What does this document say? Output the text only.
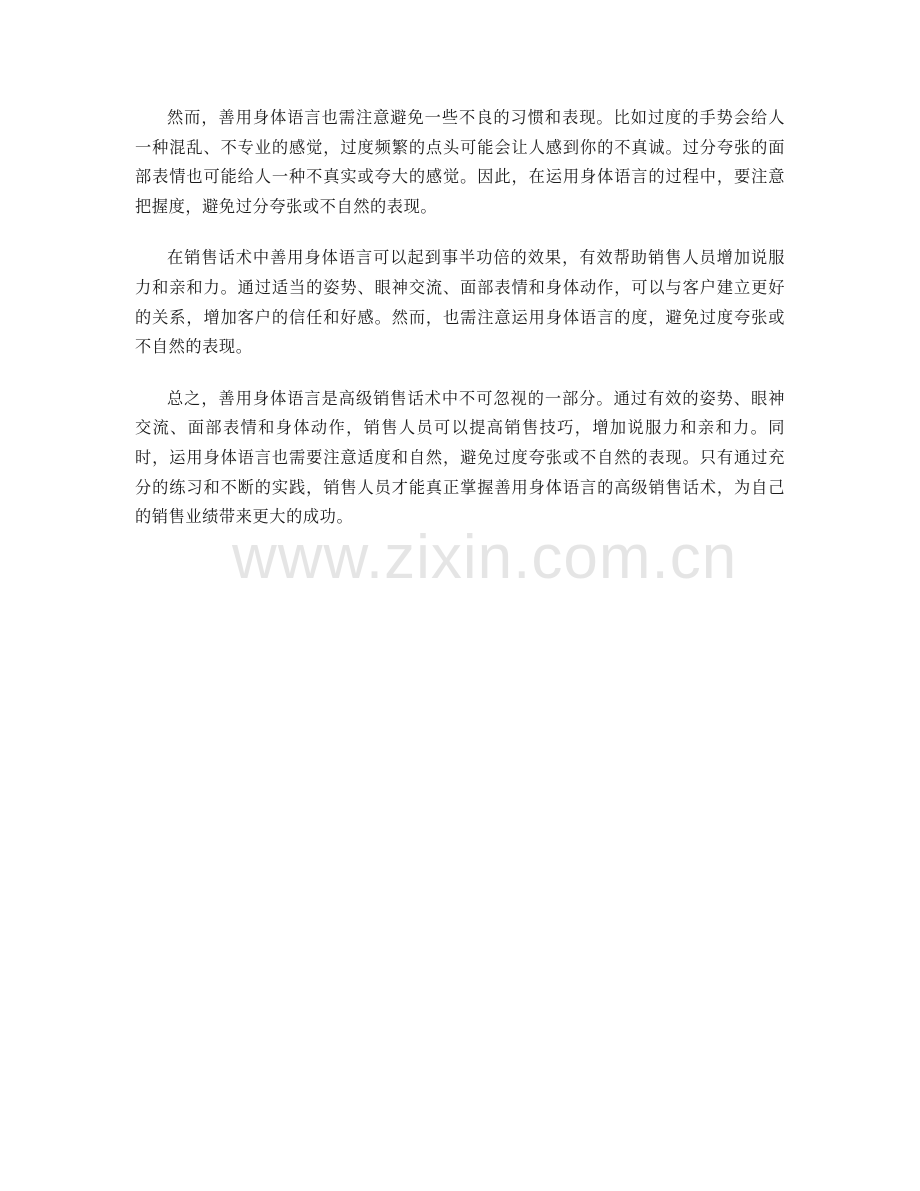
然而，善用身体语言也需注意避免一些不良的习惯和表现。比如过度的手势会给人一种混乱、不专业的感觉，过度频繁的点头可能会让人感到你的不真诚。过分夸张的面部表情也可能给人一种不真实或夸大的感觉。因此，在运用身体语言的过程中，要注意把握度，避免过分夸张或不自然的表现。

在销售话术中善用身体语言可以起到事半功倍的效果，有效帮助销售人员增加说服力和亲和力。通过适当的姿势、眼神交流、面部表情和身体动作，可以与客户建立更好的关系，增加客户的信任和好感。然而，也需注意运用身体语言的度，避免过度夸张或不自然的表现。

总之，善用身体语言是高级销售话术中不可忽视的一部分。通过有效的姿势、眼神交流、面部表情和身体动作，销售人员可以提高销售技巧，增加说服力和亲和力。同时，运用身体语言也需要注意适度和自然，避免过度夸张或不自然的表现。只有通过充分的练习和不断的实践，销售人员才能真正掌握善用身体语言的高级销售话术，为自己的销售业绩带来更大的成功。

www.zixin.com.cn
